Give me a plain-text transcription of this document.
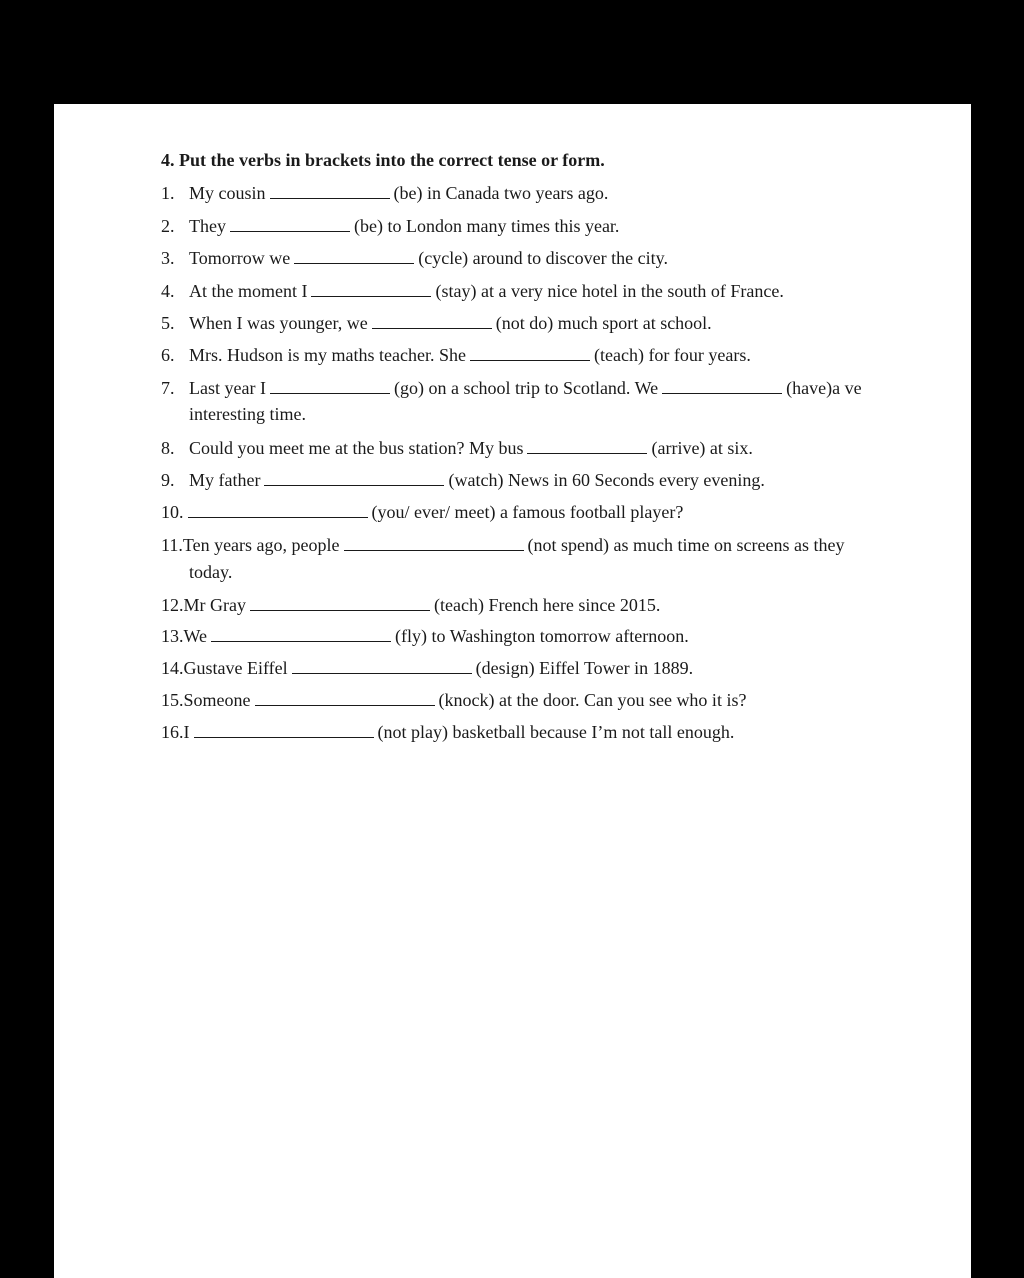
4. Put the verbs in brackets into the correct tense or form.
1. My cousin	(be) in Canada two years ago.
2. They	(be) to London many times this year.
3. Tomorrow we	(cycle) around to discover the city.
4. At the moment I	(stay) at a very nice hotel in the south of France.
5. When I was younger, we	(not do) much sport at school.
6. Mrs. Hudson is my maths teacher. She	(teach) for four years.
7. Last year I	(go) on a school trip to Scotland. We	(have)a ve
interesting time.
8. Could you meet me at the bus station? My bus	(arrive) at six.
9. My father	(watch) News in 60 Seconds every evening.
10.	(you/ ever/ meet) a famous football player?
11.Ten years ago, people	(not spend) as much time on screens as they
today.
12.Mr Gray	(teach) French here since 2015.
13.We	(fly) to Washington tomorrow afternoon.
14.Gustave Eiffel	(design) Eiffel Tower in 1889.
15.Someone	(knock) at the door. Can you see who it is?
16.I	(not play) basketball because I’m not tall enough.
